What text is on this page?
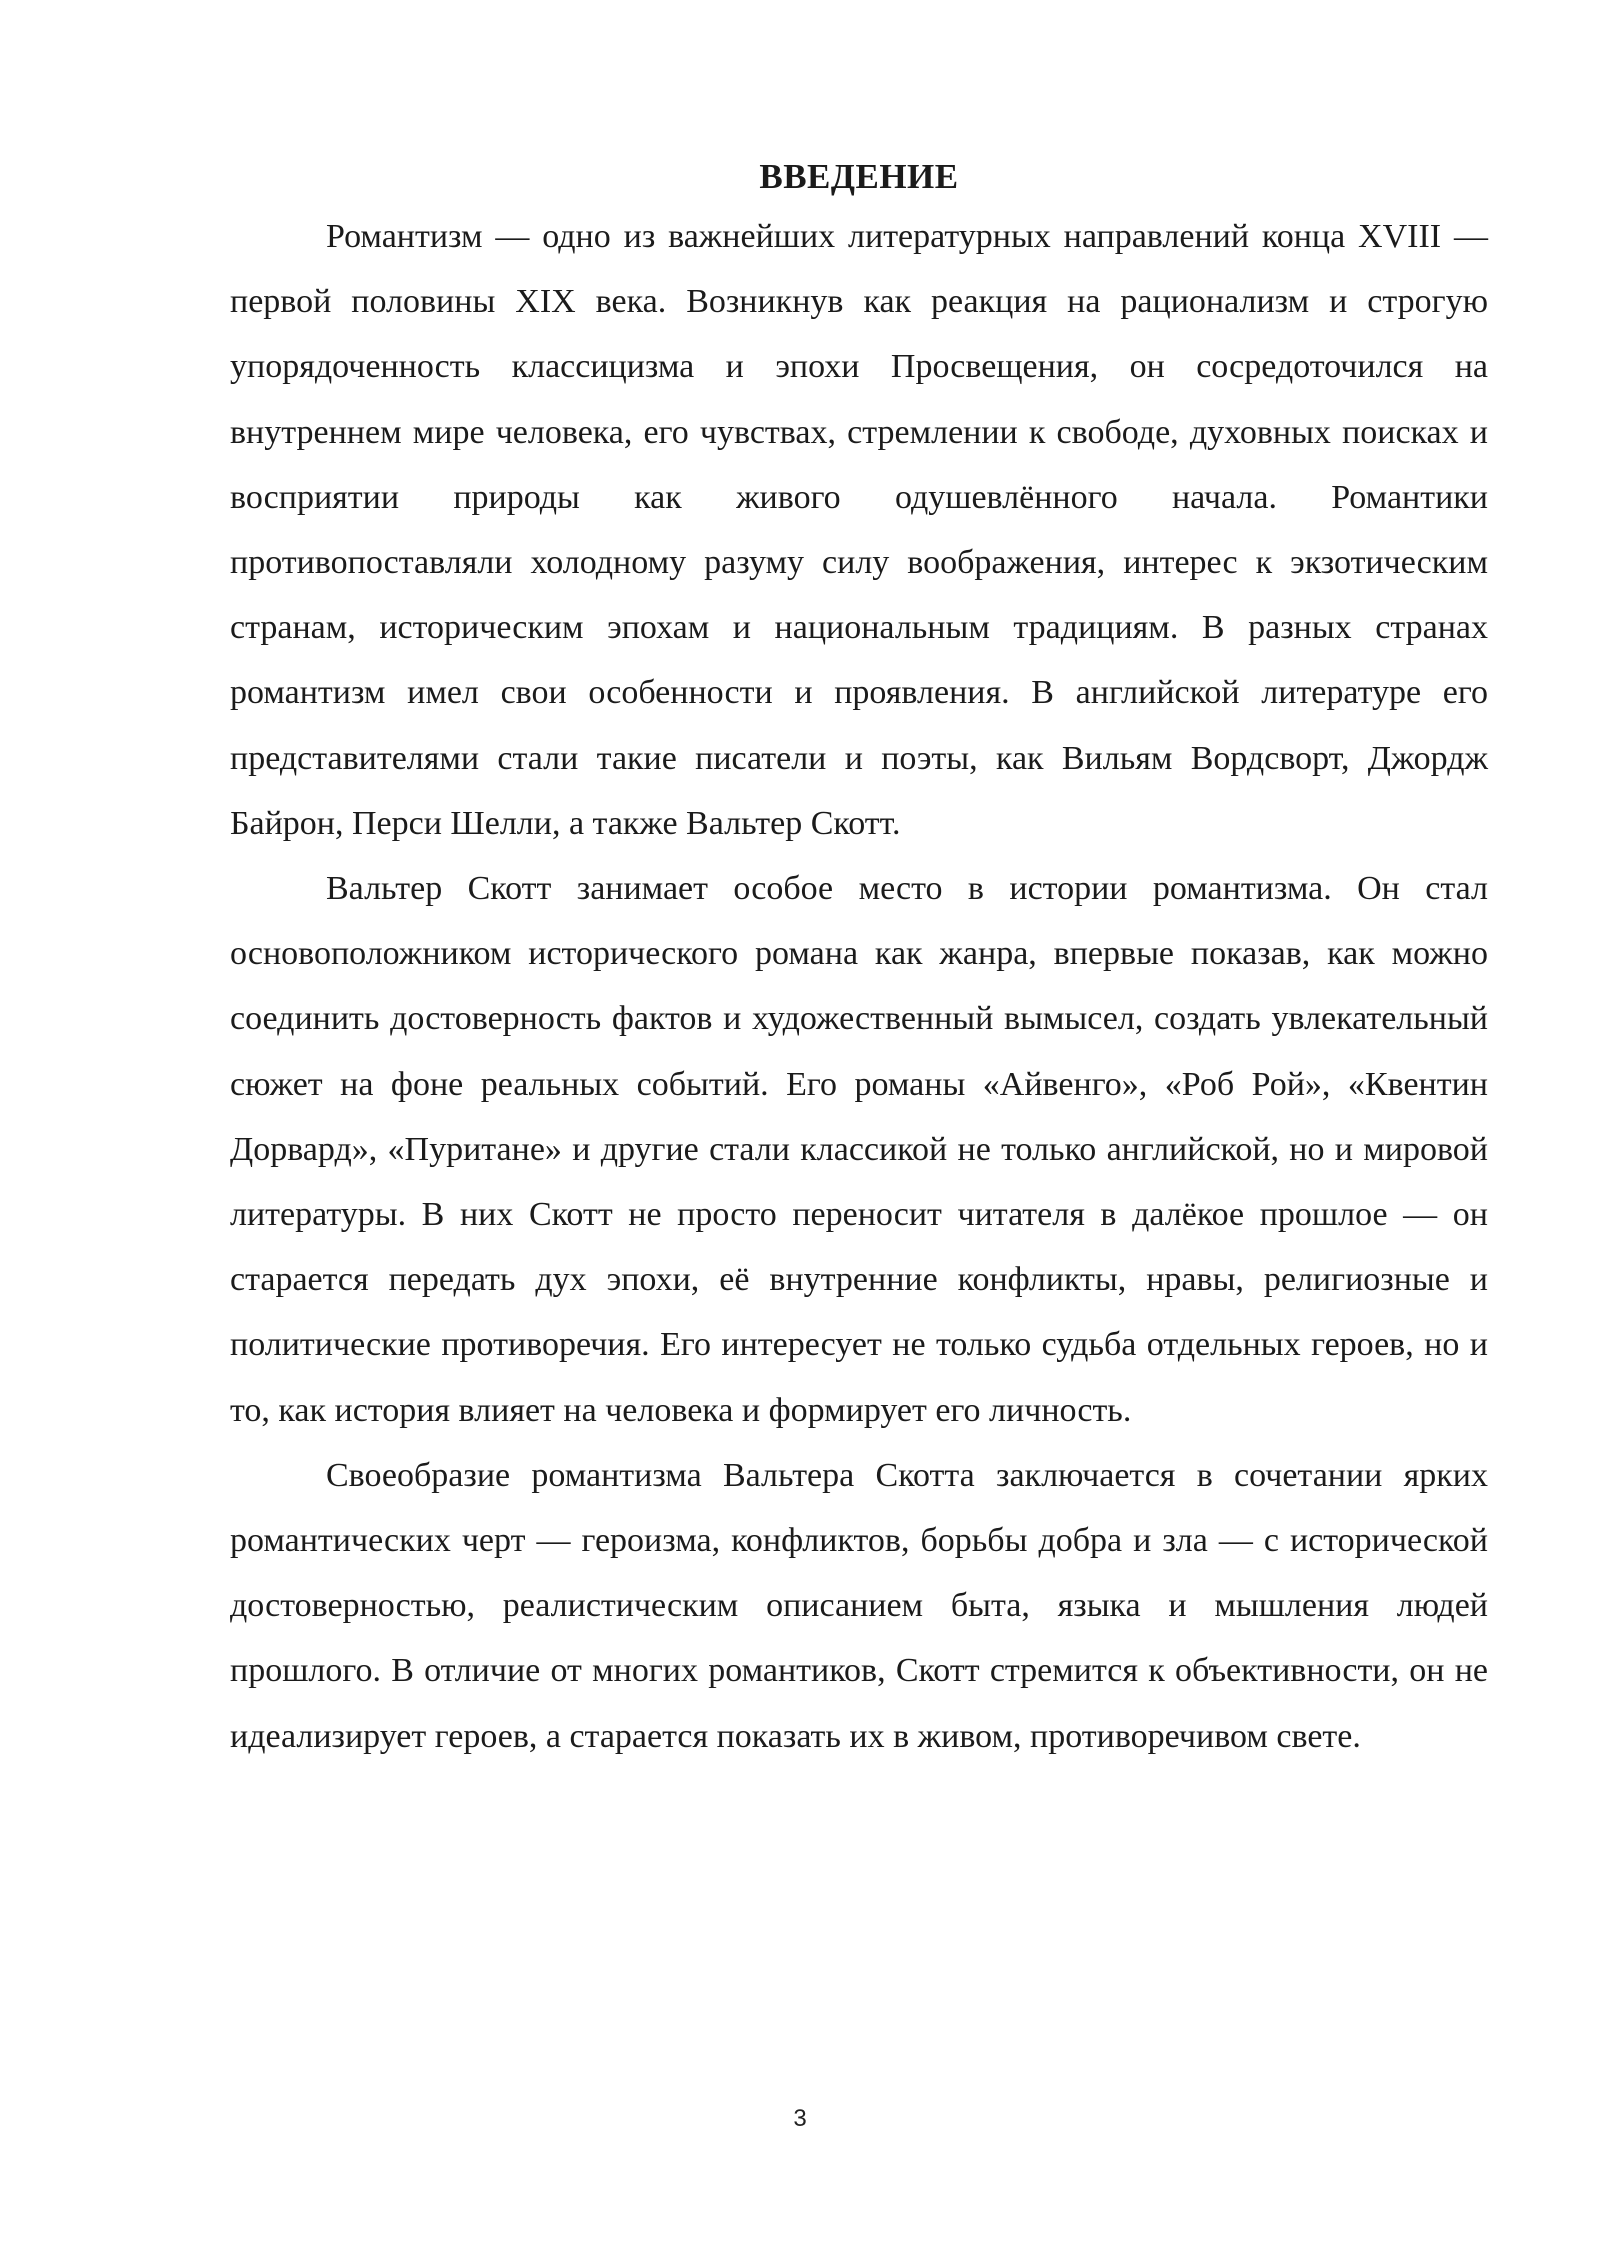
ВВЕДЕНИЕ

Романтизм — одно из важнейших литературных направлений конца XVIII — первой половины XIX века. Возникнув как реакция на рационализм и строгую упорядоченность классицизма и эпохи Просвещения, он сосредоточился на внутреннем мире человека, его чувствах, стремлении к свободе, духовных поисках и восприятии природы как живого одушевлённого начала. Романтики противопоставляли холодному разуму силу воображения, интерес к экзотическим странам, историческим эпохам и национальным традициям. В разных странах романтизм имел свои особенности и проявления. В английской литературе его представителями стали такие писатели и поэты, как Вильям Вордсворт, Джордж Байрон, Перси Шелли, а также Вальтер Скотт.

Вальтер Скотт занимает особое место в истории романтизма. Он стал основоположником исторического романа как жанра, впервые показав, как можно соединить достоверность фактов и художественный вымысел, создать увлекательный сюжет на фоне реальных событий. Его романы «Айвенго», «Роб Рой», «Квентин Дорвард», «Пуритане» и другие стали классикой не только английской, но и мировой литературы. В них Скотт не просто переносит читателя в далёкое прошлое — он старается передать дух эпохи, её внутренние конфликты, нравы, религиозные и политические противоречия. Его интересует не только судьба отдельных героев, но и то, как история влияет на человека и формирует его личность.

Своеобразие романтизма Вальтера Скотта заключается в сочетании ярких романтических черт — героизма, конфликтов, борьбы добра и зла — с исторической достоверностью, реалистическим описанием быта, языка и мышления людей прошлого. В отличие от многих романтиков, Скотт стремится к объективности, он не идеализирует героев, а старается показать их в живом, противоречивом свете.

3
